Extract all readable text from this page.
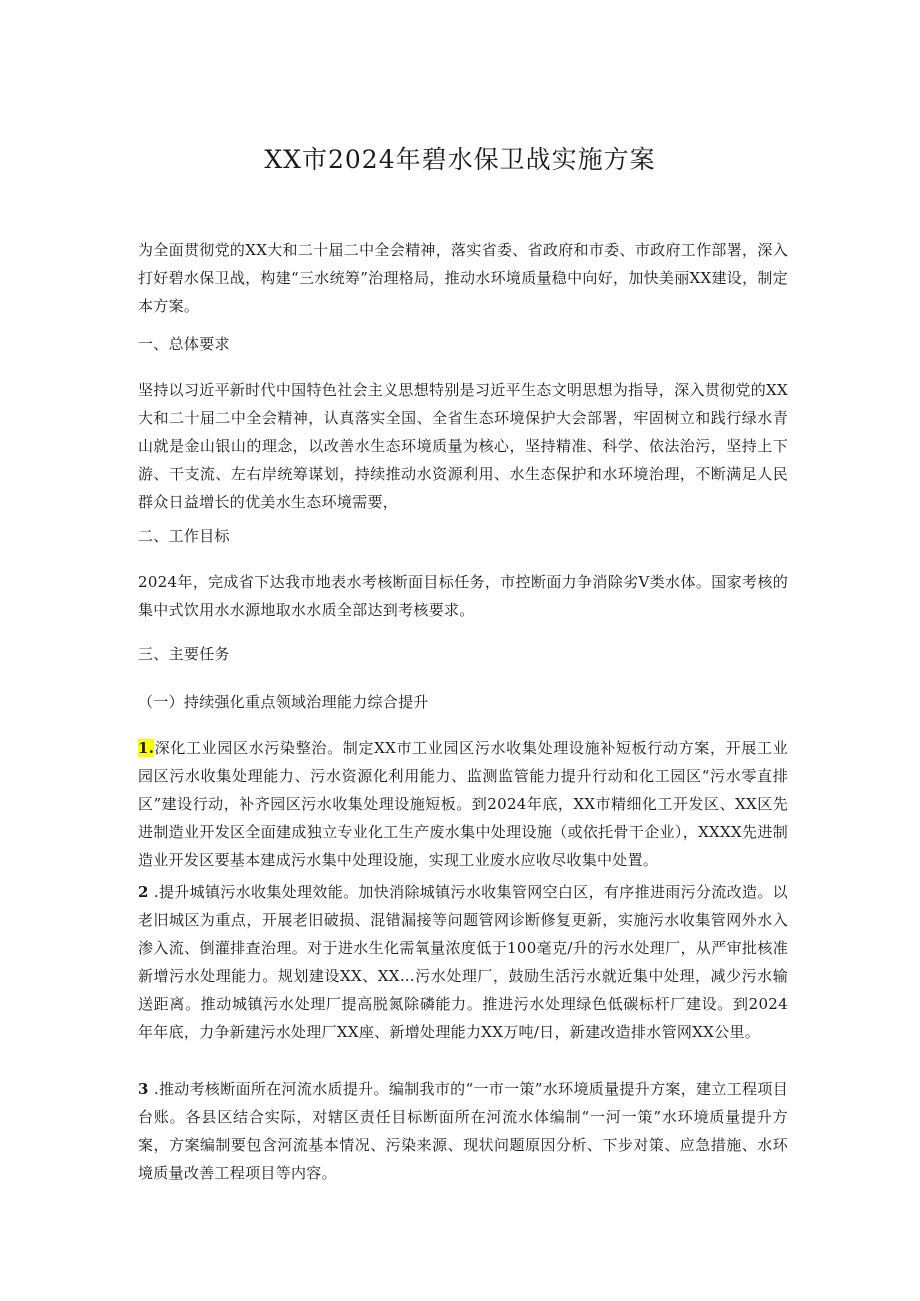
XX市2024年碧水保卫战实施方案

为全面贯彻党的XX大和二十届二中全会精神，落实省委、省政府和市委、市政府工作部署，深入打好碧水保卫战，构建“三水统筹”治理格局，推动水环境质量稳中向好，加快美丽XX建设，制定本方案。

一、总体要求

坚持以习近平新时代中国特色社会主义思想特别是习近平生态文明思想为指导，深入贯彻党的XX大和二十届二中全会精神，认真落实全国、全省生态环境保护大会部署，牢固树立和践行绿水青山就是金山银山的理念，以改善水生态环境质量为核心，坚持精准、科学、依法治污，坚持上下游、干支流、左右岸统筹谋划，持续推动水资源利用、水生态保护和水环境治理，不断满足人民群众日益增长的优美水生态环境需要，

二、工作目标

2024年，完成省下达我市地表水考核断面目标任务，市控断面力争消除劣V类水体。国家考核的集中式饮用水水源地取水水质全部达到考核要求。

三、主要任务

（一）持续强化重点领域治理能力综合提升

1.深化工业园区水污染整治。制定XX市工业园区污水收集处理设施补短板行动方案，开展工业园区污水收集处理能力、污水资源化利用能力、监测监管能力提升行动和化工园区“污水零直排区”建设行动，补齐园区污水收集处理设施短板。到2024年底，XX市精细化工开发区、XX区先进制造业开发区全面建成独立专业化工生产废水集中处理设施（或依托骨干企业），XXXX先进制造业开发区要基本建成污水集中处理设施，实现工业废水应收尽收集中处置。

2 .提升城镇污水收集处理效能。加快消除城镇污水收集管网空白区，有序推进雨污分流改造。以老旧城区为重点，开展老旧破损、混错漏接等问题管网诊断修复更新，实施污水收集管网外水入渗入流、倒灌排查治理。对于进水生化需氧量浓度低于100毫克/升的污水处理厂，从严审批核准新增污水处理能力。规划建设XX、XX…污水处理厂，鼓励生活污水就近集中处理，减少污水输送距离。推动城镇污水处理厂提高脱氮除磷能力。推进污水处理绿色低碳标杆厂建设。到2024年年底，力争新建污水处理厂XX座、新增处理能力XX万吨/日，新建改造排水管网XX公里。

3 .推动考核断面所在河流水质提升。编制我市的“一市一策”水环境质量提升方案，建立工程项目台账。各县区结合实际，对辖区责任目标断面所在河流水体编制“一河一策”水环境质量提升方案，方案编制要包含河流基本情况、污染来源、现状问题原因分析、下步对策、应急措施、水环境质量改善工程项目等内容。
